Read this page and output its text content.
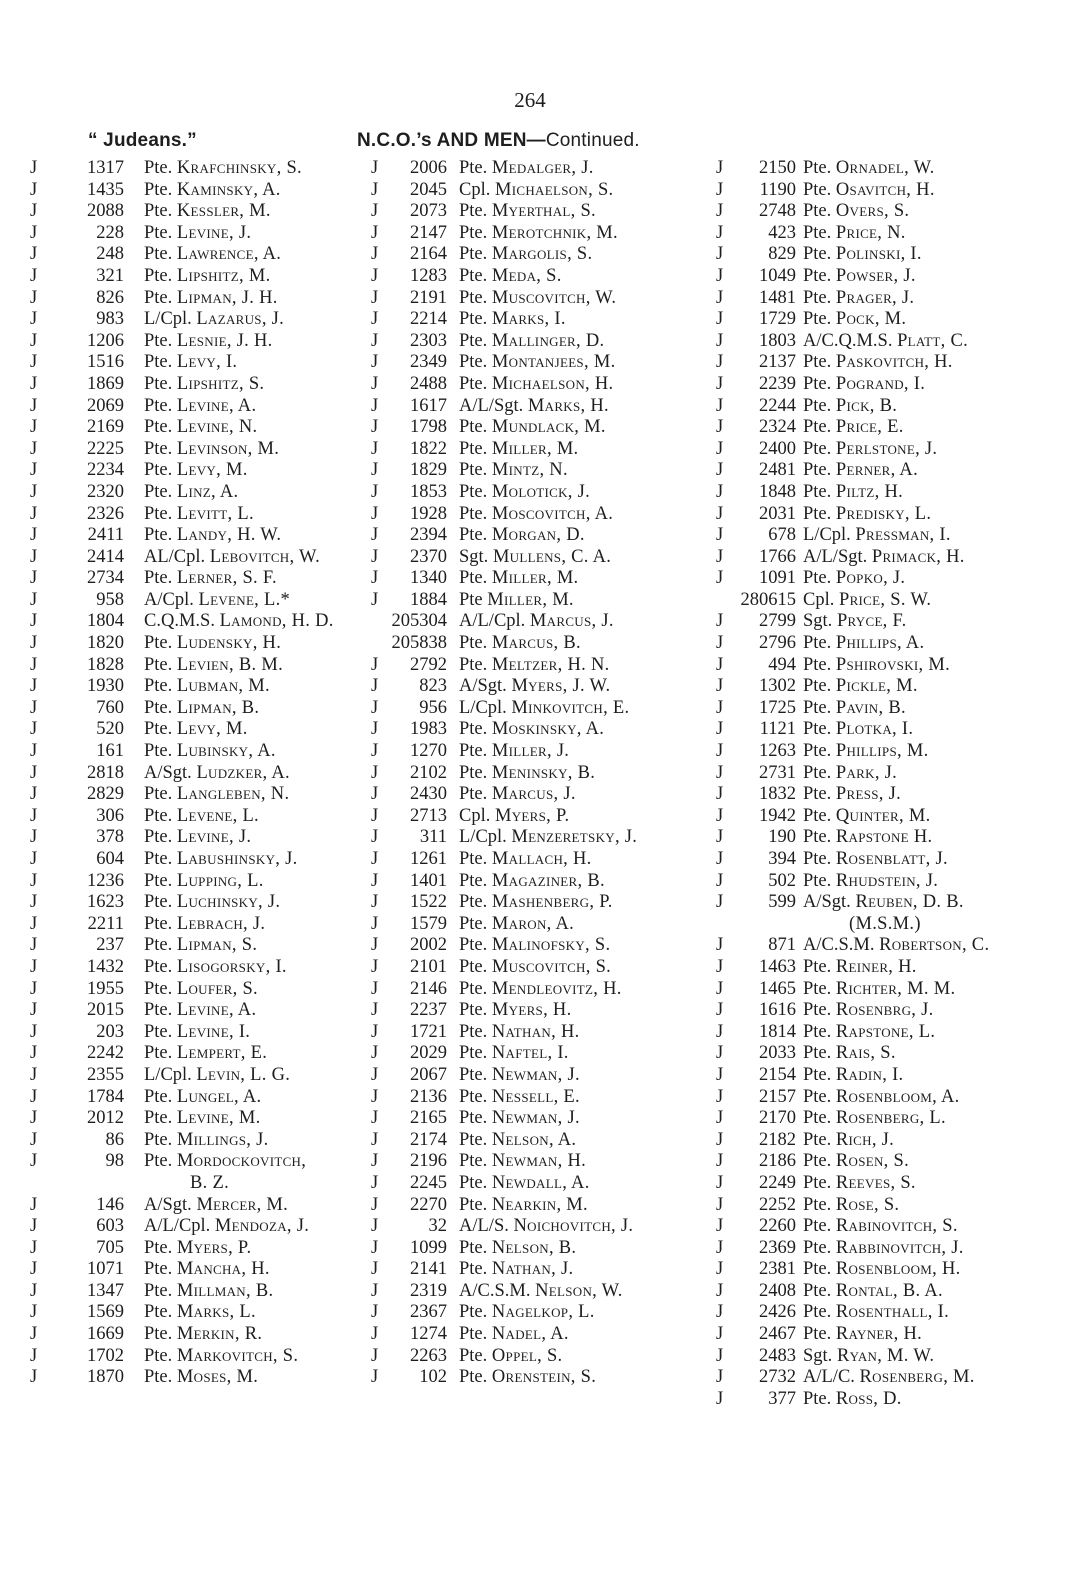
264
“ Judeans.”	N.C.O.’s AND MEN—Continued.
J	1317 Pte. Krafchinsky, S.
J	1435 Pte. Kaminsky, A.
J	2088 Pte. Kessler, M.
J	228 Pte. Levine, J.
J	248 Pte. Lawrence, A.
J	321 Pte. Lipshitz, M.
J	826 Pte. Lipman, J. H.
J	983 L/Cpl. Lazarus, J.
J	1206 Pte. Lesnie, J. H.
J	1516 Pte. Levy, I.
J	1869 Pte. Lipshitz, S.
J	2069 Pte. Levine, A.
J	2169 Pte. Levine, N.
J	2225 Pte. Levinson, M.
J	2234 Pte. Levy, M.
J	2320 Pte. Linz, A.
J	2326 Pte. Levitt, L.
J	2411 Pte. Landy, H. W.
J	2414 AL/Cpl. Lebovitch, W.
J	2734 Pte. Lerner, S. F.
J	958 A/Cpl. Levene, L.*
J	1804 C.Q.M.S. Lamond, H. D.
J	1820 Pte. Ludensky, H.
J	1828 Pte. Levien, B. M.
J	1930 Pte. Lubman, M.
J	760 Pte. Lipman, B.
J	520 Pte. Levy, M.
J	161 Pte. Lubinsky, A.
J	2818 A/Sgt. Ludzker, A.
J	2829 Pte. Langleben, N.
J	306 Pte. Levene, L.
J	378 Pte. Levine, J.
J	604 Pte. Labushinsky, J.
J	1236 Pte. Lupping, L.
J	1623 Pte. Luchinsky, J.
J	2211 Pte. Lebrach, J.
J	237 Pte. Lipman, S.
J	1432 Pte. Lisogorsky, I.
J	1955 Pte. Loufer, S.
J	2015 Pte. Levine, A.
J	203 Pte. Levine, I.
J	2242 Pte. Lempert, E.
J	2355 L/Cpl. Levin, L. G.
J	1784 Pte. Lungel, A.
J	2012 Pte. Levine, M.
J	86 Pte. Millings, J.
J	98 Pte. Mordockovitch,
B. Z.
J	146 A/Sgt. Mercer, M.
J	603 A/L/Cpl. Mendoza, J.
J	705 Pte. Myers, P.
J	1071 Pte. Mancha, H.
J	1347 Pte. Millman, B.
J	1569 Pte. Marks, L.
J	1669 Pte. Merkin, R.
J	1702 Pte. Markovitch, S.
J	1870 Pte. Moses, M.
J	2006 Pte. Medalger, J.
J	2045 Cpl. Michaelson, S.
J	2073 Pte. Myerthal, S.
J	2147 Pte. Merotchnik, M.
J	2164 Pte. Margolis, S.
J	1283 Pte. Meda, S.
J	2191 Pte. Muscovitch, W.
J	2214 Pte. Marks, I.
J	2303 Pte. Mallinger, D.
J	2349 Pte. Montanjees, M.
J	2488 Pte. Michaelson, H.
J	1617 A/L/Sgt. Marks, H.
J	1798 Pte. Mundlack, M.
J	1822 Pte. Miller, M.
J	1829 Pte. Mintz, N.
J	1853 Pte. Molotick, J.
J	1928 Pte. Moscovitch, A.
J	2394 Pte. Morgan, D.
J	2370 Sgt. Mullens, C. A.
J	1340 Pte. Miller, M.
J	1884 Pte Miller, M.
205304 A/L/Cpl. Marcus, J.
205838 Pte. Marcus, B.
J	2792 Pte. Meltzer, H. N.
J	823 A/Sgt. Myers, J. W.
J	956 L/Cpl. Minkovitch, E.
J	1983 Pte. Moskinsky, A.
J	1270 Pte. Miller, J.
J	2102 Pte. Meninsky, B.
J	2430 Pte. Marcus, J.
J	2713 Cpl. Myers, P.
J	311 L/Cpl. Menzeretsky, J.
J	1261 Pte. Mallach, H.
J	1401 Pte. Magaziner, B.
J	1522 Pte. Mashenberg, P.
J	1579 Pte. Maron, A.
J	2002 Pte. Malinofsky, S.
J	2101 Pte. Muscovitch, S.
J	2146 Pte. Mendleovitz, H.
J	2237 Pte. Myers, H.
J	1721 Pte. Nathan, H.
J	2029 Pte. Naftel, I.
J	2067 Pte. Newman, J.
J	2136 Pte. Nessell, E.
J	2165 Pte. Newman, J.
J	2174 Pte. Nelson, A.
J	2196 Pte. Newman, H.
J	2245 Pte. Newdall, A.
J	2270 Pte. Nearkin, M.
J	32 A/L/S. Noichovitch, J.
J	1099 Pte. Nelson, B.
J	2141 Pte. Nathan, J.
J	2319 A/C.S.M. Nelson, W.
J	2367 Pte. Nagelkop, L.
J	1274 Pte. Nadel, A.
J	2263 Pte. Oppel, S.
J	102 Pte. Orenstein, S.
J	2150 Pte. Ornadel, W.
J	1190 Pte. Osavitch, H.
J	2748 Pte. Overs, S.
J	423 Pte. Price, N.
J	829 Pte. Polinski, I.
J	1049 Pte. Powser, J.
J	1481 Pte. Prager, J.
J	1729 Pte. Pock, M.
J	1803 A/C.Q.M.S. Platt, C.
J	2137 Pte. Paskovitch, H.
J	2239 Pte. Pogrand, I.
J	2244 Pte. Pick, B.
J	2324 Pte. Price, E.
J	2400 Pte. Perlstone, J.
J	2481 Pte. Perner, A.
J	1848 Pte. Piltz, H.
J	2031 Pte. Predisky, L.
J	678 L/Cpl. Pressman, I.
J	1766 A/L/Sgt. Primack, H.
J	1091 Pte. Popko, J.
280615 Cpl. Price, S. W.
J	2799 Sgt. Pryce, F.
J	2796 Pte. Phillips, A.
J	494 Pte. Pshirovski, M.
J	1302 Pte. Pickle, M.
J	1725 Pte. Pavin, B.
J	1121 Pte. Plotka, I.
J	1263 Pte. Phillips, M.
J	2731 Pte. Park, J.
J	1832 Pte. Press, J.
J	1942 Pte. Quinter, M.
J	190 Pte. Rapstone H.
J	394 Pte. Rosenblatt, J.
J	502 Pte. Rhudstein, J.
J	599 A/Sgt. Reuben, D. B.
(M.S.M.)
J	871 A/C.S.M. Robertson, C.
J	1463 Pte. Reiner, H.
J	1465 Pte. Richter, M. M.
J	1616 Pte. Rosenbrg, J.
J	1814 Pte. Rapstone, L.
J	2033 Pte. Rais, S.
J	2154 Pte. Radin, I.
J	2157 Pte. Rosenbloom, A.
J	2170 Pte. Rosenberg, L.
J	2182 Pte. Rich, J.
J	2186 Pte. Rosen, S.
J	2249 Pte. Reeves, S.
J	2252 Pte. Rose, S.
J	2260 Pte. Rabinovitch, S.
J	2369 Pte. Rabbinovitch, J.
J	2381 Pte. Rosenbloom, H.
J	2408 Pte. Rontal, B. A.
J	2426 Pte. Rosenthall, I.
J	2467 Pte. Rayner, H.
J	2483 Sgt. Ryan, M. W.
J	2732 A/L/C. Rosenberg, M.
J	377 Pte. Ross, D.
